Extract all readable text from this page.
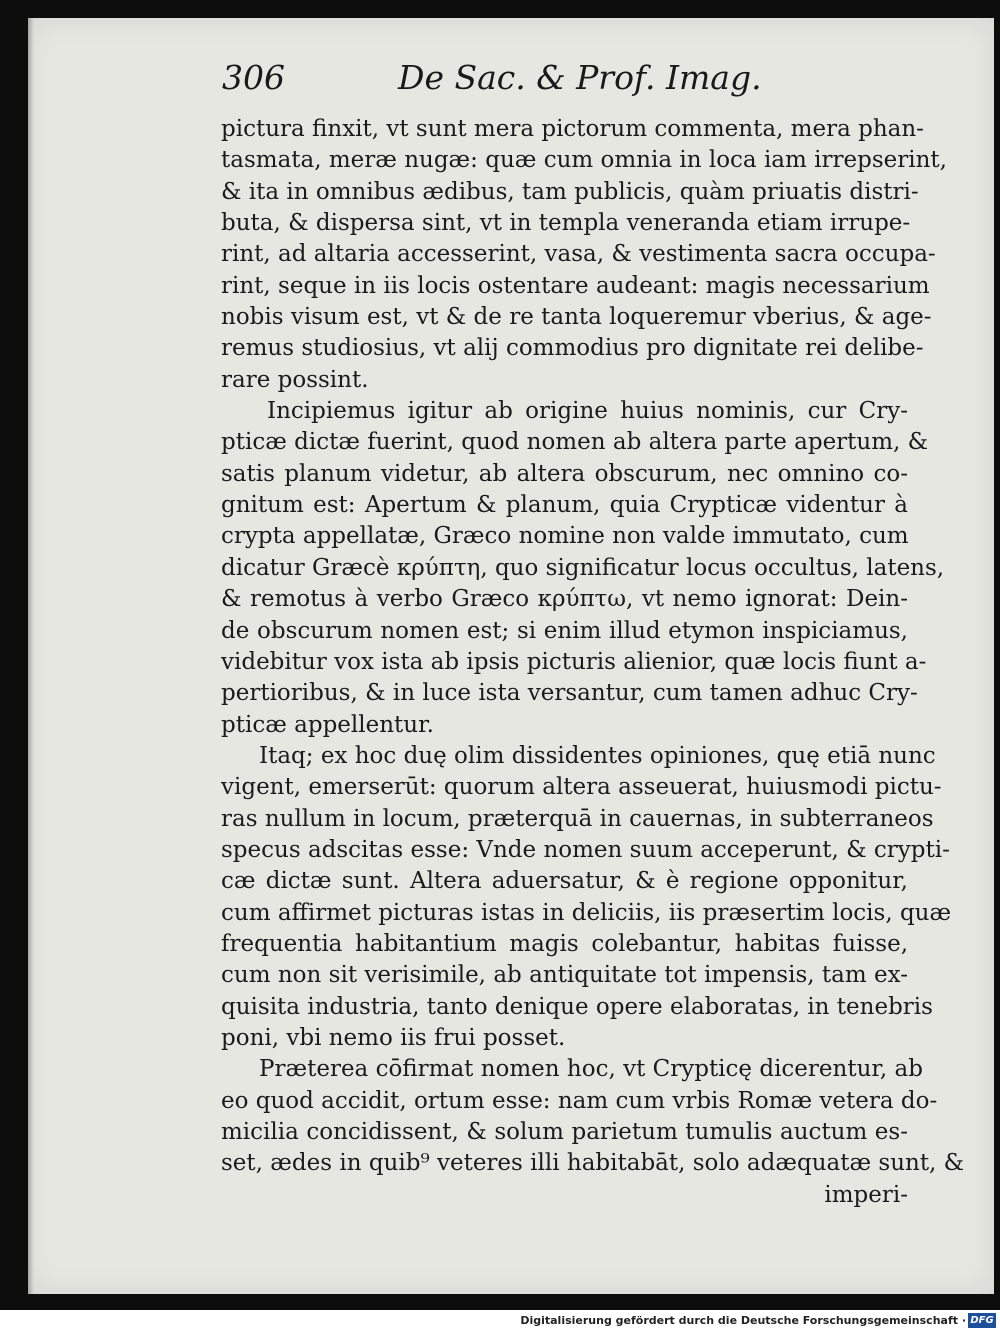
306	De Sac. & Prof. Imag.
pictura finxit, vt sunt mera pictorum commenta, mera phan-
tasmata, meræ nugæ: quæ cum omnia in loca iam irrepserint,
& ita in omnibus ædibus, tam publicis, quàm priuatis distri-
buta, & dispersa sint, vt in templa veneranda etiam irrupe-
rint, ad altaria accesserint, vasa, & vestimenta sacra occupa-
rint, seque in iis locis ostentare audeant: magis necessarium
nobis visum est, vt & de re tanta loqueremur vberius, & age-
remus studiosius, vt alij commodius pro dignitate rei delibe-
rare possint.
Incipiemus igitur ab origine huius nominis, cur Cry-
pticæ dictæ fuerint, quod nomen ab altera parte apertum, &
satis planum videtur, ab altera obscurum, nec omnino co-
gnitum est: Apertum & planum, quia Crypticæ videntur à
crypta appellatæ, Græco nomine non valde immutato, cum
dicatur Græcè κρύπτη, quo significatur locus occultus, latens,
& remotus à verbo Græco κρύπτω, vt nemo ignorat: Dein-
de obscurum nomen est; si enim illud etymon inspiciamus,
videbitur vox ista ab ipsis picturis alienior, quæ locis fiunt a-
pertioribus, & in luce ista versantur, cum tamen adhuc Cry-
pticæ appellentur.
Itaq; ex hoc duę olim dissidentes opiniones, quę etiā nunc
vigent, emerserūt: quorum altera asseuerat, huiusmodi pictu-
ras nullum in locum, præterquā in cauernas, in subterraneos
specus adscitas esse: Vnde nomen suum acceperunt, & crypti-
cæ dictæ sunt. Altera aduersatur, & è regione opponitur,
cum affirmet picturas istas in deliciis, iis præsertim locis, quæ
frequentia habitantium magis colebantur, habitas fuisse,
cum non sit verisimile, ab antiquitate tot impensis, tam ex-
quisita industria, tanto denique opere elaboratas, in tenebris
poni, vbi nemo iis frui posset.
Præterea cōfirmat nomen hoc, vt Crypticę dicerentur, ab
eo quod accidit, ortum esse: nam cum vrbis Romæ vetera do-
micilia concidissent, & solum parietum tumulis auctum es-
set, ædes in quib⁹ veteres illi habitabāt, solo adæquatæ sunt, &
imperi-
Digitalisierung gefördert durch die Deutsche Forschungsgemeinschaft · DFG
